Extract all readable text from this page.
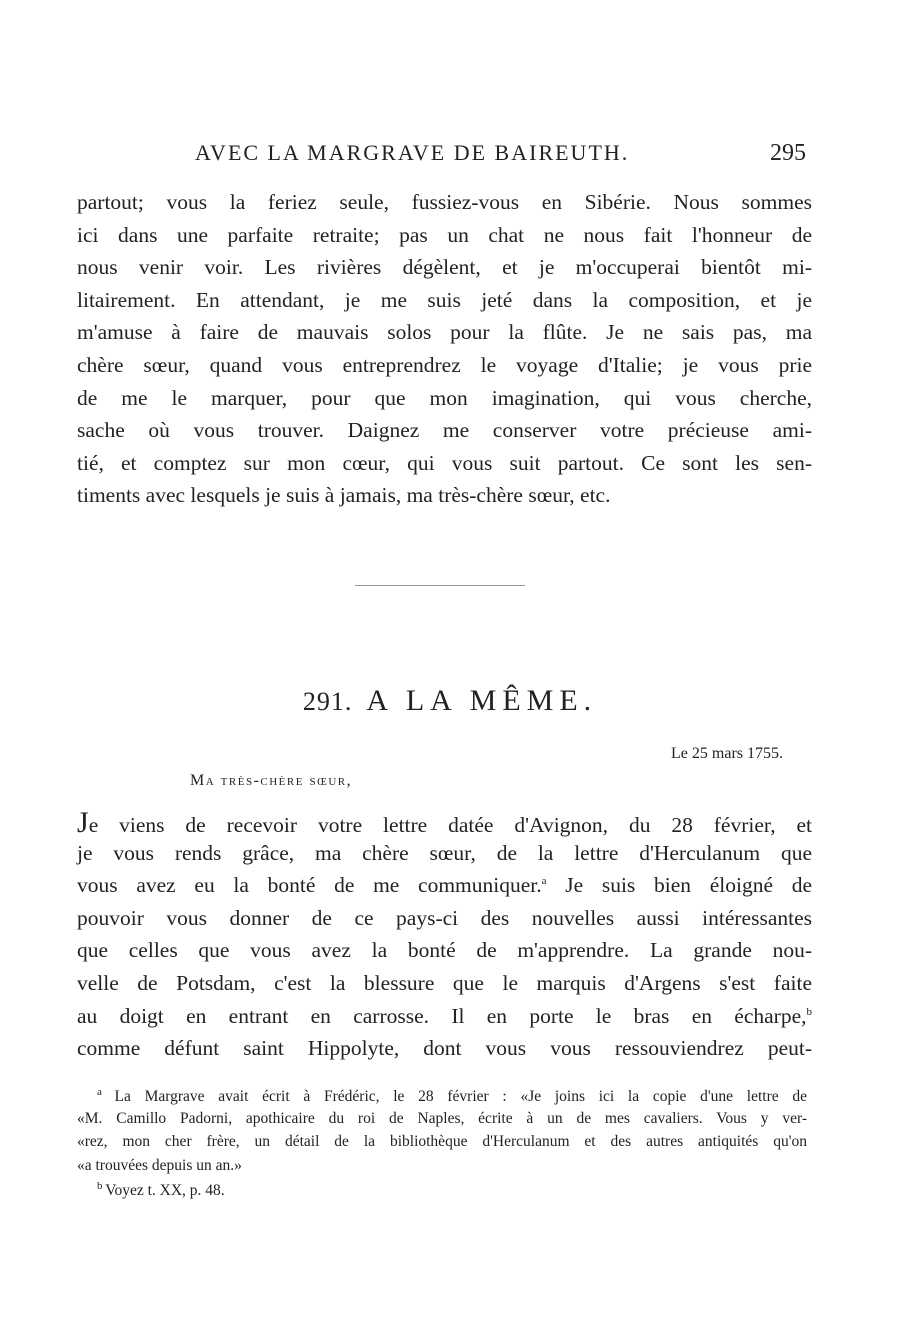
AVEC LA MARGRAVE DE BAIREUTH.	295
partout; vous la feriez seule, fussiez-vous en Sibérie. Nous sommes
ici dans une parfaite retraite; pas un chat ne nous fait l'honneur de
nous venir voir. Les rivières dégèlent, et je m'occuperai bientôt mi-
litairement. En attendant, je me suis jeté dans la composition, et je
m'amuse à faire de mauvais solos pour la flûte. Je ne sais pas, ma
chère sœur, quand vous entreprendrez le voyage d'Italie; je vous prie
de me le marquer, pour que mon imagination, qui vous cherche,
sache où vous trouver. Daignez me conserver votre précieuse ami-
tié, et comptez sur mon cœur, qui vous suit partout. Ce sont les sen-
timents avec lesquels je suis à jamais, ma très-chère sœur, etc.
291. A LA MÊME.
Le 25 mars 1755.
Ma très-chère sœur,
Je viens de recevoir votre lettre datée d'Avignon, du 28 février, et
je vous rends grâce, ma chère sœur, de la lettre d'Herculanum que
vous avez eu la bonté de me communiquer.$^a$ Je suis bien éloigné de
pouvoir vous donner de ce pays-ci des nouvelles aussi intéressantes
que celles que vous avez la bonté de m'apprendre. La grande nou-
velle de Potsdam, c'est la blessure que le marquis d'Argens s'est faite
au doigt en entrant en carrosse. Il en porte le bras en écharpe,$^b$
comme défunt saint Hippolyte, dont vous vous ressouviendrez peut-
$^a$ La Margrave avait écrit à Frédéric, le 28 février : «Je joins ici la copie d'une lettre de
«M. Camillo Padorni, apothicaire du roi de Naples, écrite à un de mes cavaliers. Vous y ver-
«rez, mon cher frère, un détail de la bibliothèque d'Herculanum et des autres antiquités qu'on
«a trouvées depuis un an.»
$^b$ Voyez t. XX, p. 48.
